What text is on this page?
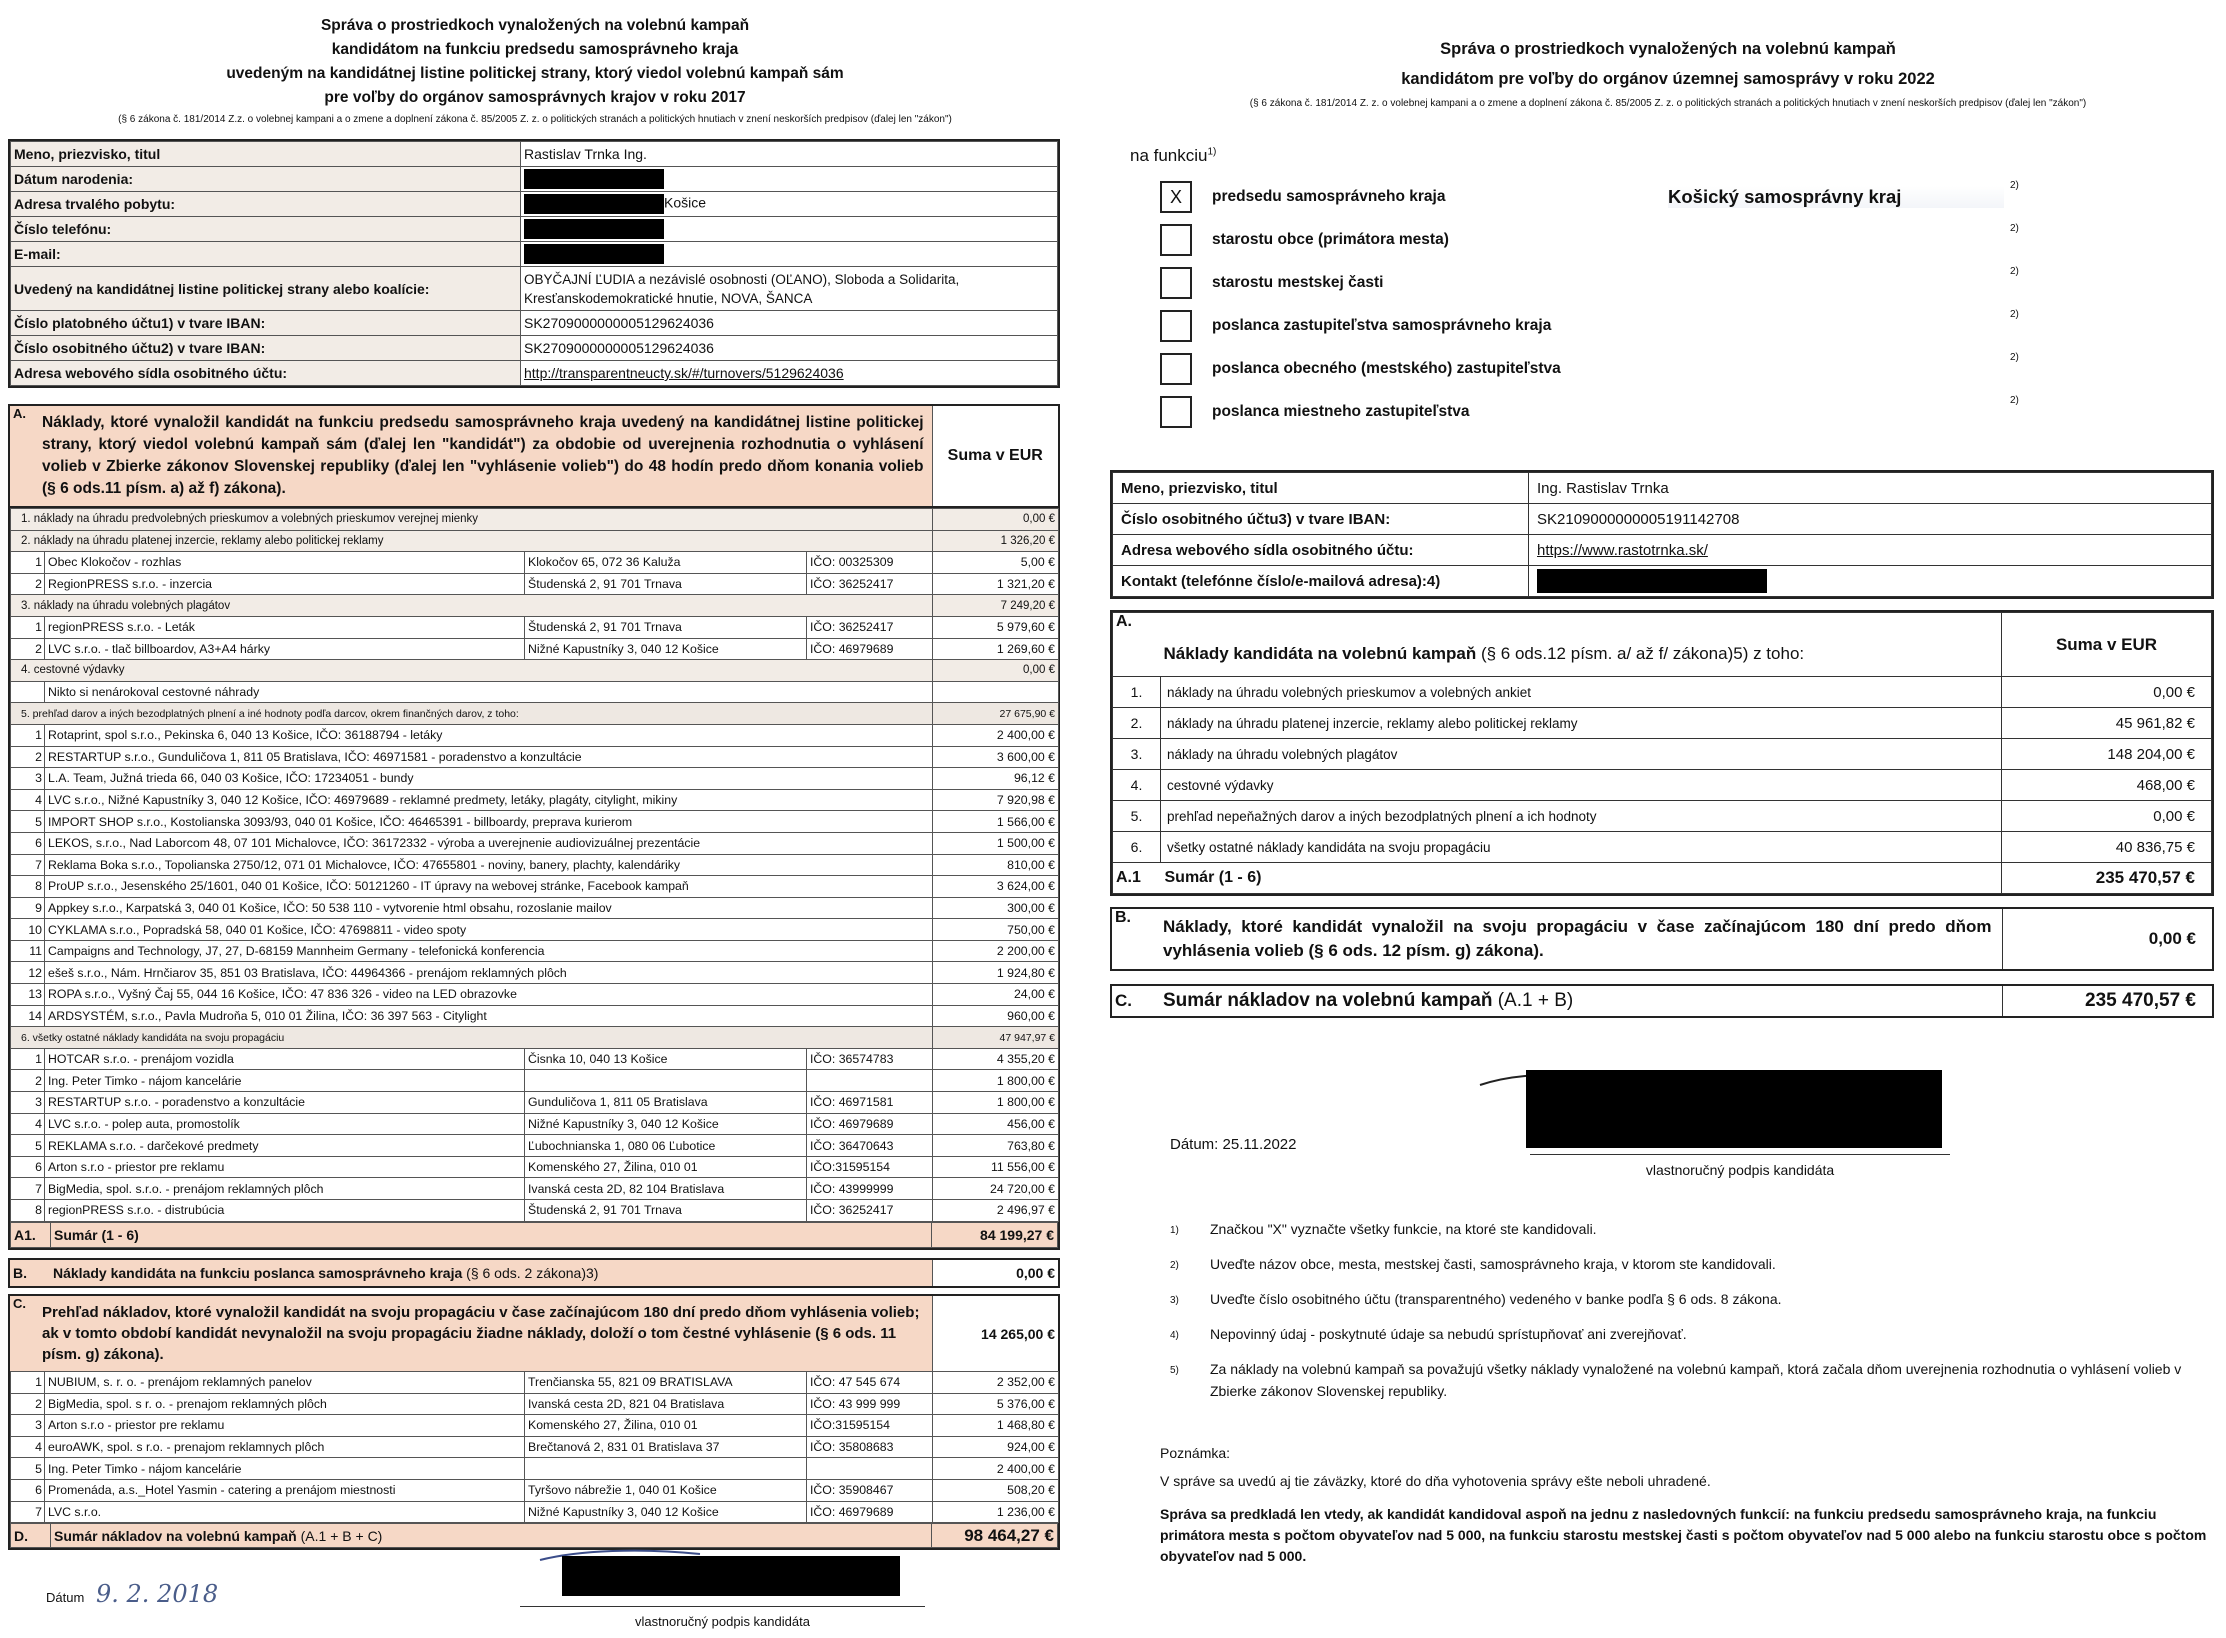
Správa o prostriedkoch vynaložených na volebnú kampaň
kandidátom na funkciu predsedu samosprávneho kraja
uvedeným na kandidátnej listine politickej strany, ktorý viedol volebnú kampaň sám
pre voľby do orgánov samosprávnych krajov v roku 2017
(§ 6 zákona č. 181/2014 Z.z. o volebnej kampani a o zmene a doplnení zákona č. 85/2005 Z. z. o politických stranách a politických hnutiach v znení neskorších predpisov (ďalej len "zákon")
Meno, priezvisko, titul	Rastislav Trnka Ing.
Dátum narodenia:	
Adresa trvalého pobytu:	Košice
Číslo telefónu:	
E-mail:	
Uvedený na kandidátnej listine politickej strany alebo koalície:	OBYČAJNÍ ĽUDIA a nezávislé osobnosti (OĽANO), Sloboda a Solidarita, Kresťanskodemokratické hnutie, NOVA, ŠANCA
Číslo platobného účtu1) v tvare IBAN:	SK2709000000005129624036
Číslo osobitného účtu2) v tvare IBAN:	SK2709000000005129624036
Adresa webového sídla osobitného účtu:	http://transparentneucty.sk/#/turnovers/5129624036
A.	Náklady, ktoré vynaložil kandidát na funkciu predsedu samosprávneho kraja uvedený na kandidátnej listine politickej strany, ktorý viedol volebnú kampaň sám (ďalej len "kandidát") za obdobie od uverejnenia rozhodnutia o vyhlásení volieb v Zbierke zákonov Slovenskej republiky (ďalej len "vyhlásenie volieb") do 48 hodín predo dňom konania volieb (§ 6 ods.11 písm. a) až f) zákona).	Suma v EUR
1. náklady na úhradu predvolebných prieskumov a volebných prieskumov verejnej mienky				0,00 €
2. náklady na úhradu platenej inzercie, reklamy alebo politickej reklamy				1 326,20 €
1	Obec Klokočov - rozhlas	Klokočov 65, 072 36 Kaluža	IČO: 00325309	5,00 €
2	RegionPRESS s.r.o. - inzercia	Študenská 2, 91 701 Trnava	IČO: 36252417	1 321,20 €
3. náklady na úhradu volebných plagátov				7 249,20 €
1	regionPRESS s.r.o. - Leták	Študenská 2, 91 701 Trnava	IČO: 36252417	5 979,60 €
2	LVC s.r.o. - tlač billboardov, A3+A4 hárky	Nižné Kapustníky 3, 040 12 Košice	IČO: 46979689	1 269,60 €
4. cestovné výdavky				0,00 €
	Nikto si nenárokoval cestovné náhrady			
5. prehľad darov a iných bezodplatných plnení a iné hodnoty podľa darcov, okrem finančných darov, z toho:				27 675,90 €
1	Rotaprint, spol s.r.o., Pekinska 6, 040 13 Košice, IČO: 36188794 - letáky			2 400,00 €
2	RESTARTUP s.r.o., Gunduličova 1, 811 05 Bratislava, IČO: 46971581 - poradenstvo a konzultácie			3 600,00 €
3	L.A. Team, Južná trieda 66, 040 03 Košice, IČO: 17234051 - bundy			96,12 €
4	LVC s.r.o., Nižné Kapustníky 3, 040 12 Košice, IČO: 46979689 - reklamné predmety, letáky, plagáty, citylight, mikiny			7 920,98 €
5	IMPORT SHOP s.r.o., Kostolianska 3093/93, 040 01 Košice, IČO: 46465391 - billboardy, preprava kurierom			1 566,00 €
6	LEKOS, s.r.o., Nad Laborcom 48, 07 101 Michalovce, IČO: 36172332 - výroba a uverejnenie audiovizuálnej prezentácie			1 500,00 €
7	Reklama Boka s.r.o., Topolianska 2750/12, 071 01 Michalovce, IČO: 47655801 - noviny, banery, plachty, kalendáriky			810,00 €
8	ProUP s.r.o., Jesenského 25/1601, 040 01 Košice, IČO: 50121260 - IT úpravy na webovej stránke, Facebook kampaň			3 624,00 €
9	Appkey s.r.o., Karpatská 3, 040 01 Košice, IČO: 50 538 110 - vytvorenie html obsahu, rozoslanie mailov			300,00 €
10	CYKLAMA s.r.o., Popradská 58, 040 01 Košice, IČO: 47698811 - video spoty			750,00 €
11	Campaigns and Technology, J7, 27, D-68159 Mannheim Germany - telefonická konferencia			2 200,00 €
12	ešeš s.r.o., Nám. Hrnčiarov 35, 851 03 Bratislava, IČO: 44964366 - prenájom reklamných plôch			1 924,80 €
13	ROPA s.r.o., Vyšný Čaj 55, 044 16 Košice, IČO: 47 836 326 - video na LED obrazovke			24,00 €
14	ARDSYSTÉM, s.r.o., Pavla Mudroňa 5, 010 01 Žilina, IČO: 36 397 563 - Citylight			960,00 €
6. všetky ostatné náklady kandidáta na svoju propagáciu				47 947,97 €
1	HOTCAR s.r.o. - prenájom vozidla	Čisnka 10, 040 13 Košice	IČO: 36574783	4 355,20 €
2	Ing. Peter Timko - nájom kancelárie			1 800,00 €
3	RESTARTUP s.r.o. - poradenstvo a konzultácie	Gunduličova 1, 811 05 Bratislava	IČO: 46971581	1 800,00 €
4	LVC s.r.o. - polep auta, promostolík	Nižné Kapustníky 3, 040 12 Košice	IČO: 46979689	456,00 €
5	REKLAMA s.r.o. - darčekové predmety	Ľubochnianska 1, 080 06 Ľubotice	IČO: 36470643	763,80 €
6	Arton s.r.o - priestor pre reklamu	Komenského 27, Žilina, 010 01	IČO:31595154	11 556,00 €
7	BigMedia, spol. s.r.o. - prenájom reklamných plôch	Ivanská cesta 2D, 82 104 Bratislava	IČO: 43999999	24 720,00 €
8	regionPRESS s.r.o. - distrubúcia	Študenská 2, 91 701 Trnava	IČO: 36252417	2 496,97 €
A1.	Sumár (1 - 6)	84 199,27 €
B.	Náklady kandidáta na funkciu poslanca samosprávneho kraja (§ 6 ods. 2 zákona)3)	0,00 €
C.	Prehľad nákladov, ktoré vynaložil kandidát na svoju propagáciu v čase začínajúcom 180 dní predo dňom vyhlásenia volieb; ak v tomto období kandidát nevynaložil na svoju propagáciu žiadne náklady, doloží o tom čestné vyhlásenie (§ 6 ods. 11 písm. g) zákona).	14 265,00 €
1	NUBIUM, s. r. o. - prenájom reklamných panelov	Trenčianska 55, 821 09 BRATISLAVA	IČO: 47 545 674	2 352,00 €
2	BigMedia, spol. s r. o. - prenajom reklamných plôch	Ivanská cesta 2D, 821 04 Bratislava	IČO: 43 999 999	5 376,00 €
3	Arton s.r.o - priestor pre reklamu	Komenského 27, Žilina, 010 01	IČO:31595154	1 468,80 €
4	euroAWK, spol. s r.o. - prenajom reklamnych plôch	Brečtanová 2, 831 01 Bratislava 37	IČO: 35808683	924,00 €
5	Ing. Peter Timko - nájom kancelárie			2 400,00 €
6	Promenáda, a.s._Hotel Yasmin - catering a prenájom miestnosti	Tyršovo nábrežie 1, 040 01 Košice	IČO: 35908467	508,20 €
7	LVC s.r.o.	Nižné Kapustníky 3, 040 12 Košice	IČO: 46979689	1 236,00 €
D.	Sumár nákladov na volebnú kampaň (A.1 + B + C)	98 464,27 €
Dátum 9. 2. 2018
vlastnoručný podpis kandidáta
Správa o prostriedkoch vynaložených na volebnú kampaň
kandidátom pre voľby do orgánov územnej samosprávy v roku 2022
(§ 6 zákona č. 181/2014 Z. z. o volebnej kampani a o zmene a doplnení zákona č. 85/2005 Z. z. o politických stranách a politických hnutiach v znení neskorších predpisov (ďalej len "zákon")
na funkciu$^{1)}$
X	predsedu samosprávneho kraja	Košický samosprávny kraj
2)
starostu obce (primátora mesta)
2)
starostu mestskej časti
2)
poslanca zastupiteľstva samosprávneho kraja
2)
poslanca obecného (mestského) zastupiteľstva
2)
poslanca miestneho zastupiteľstva
2)
Meno, priezvisko, titul	Ing. Rastislav Trnka
Číslo osobitného účtu3) v tvare IBAN:	SK2109000000005191142708
Adresa webového sídla osobitného účtu:	https://www.rastotrnka.sk/
Kontakt (telefónne číslo/e-mailová adresa):4)	
A.	Náklady kandidáta na volebnú kampaň (§ 6 ods.12 písm. a/ až f/ zákona)5) z toho:	Suma v EUR
1.	náklady na úhradu volebných prieskumov a volebných ankiet	0,00 €
2.	náklady na úhradu platenej inzercie, reklamy alebo politickej reklamy	45 961,82 €
3.	náklady na úhradu volebných plagátov	148 204,00 €
4.	cestovné výdavky	468,00 €
5.	prehľad nepeňažných darov a iných bezodplatných plnení a ich hodnoty	0,00 €
6.	všetky ostatné náklady kandidáta na svoju propagáciu	40 836,75 €
A.1	Sumár (1 - 6)	235 470,57 €
B.	Náklady, ktoré kandidát vynaložil na svoju propagáciu v čase začínajúcom 180 dní predo dňom vyhlásenia volieb (§ 6 ods. 12 písm. g) zákona).	0,00 €
C.	Sumár nákladov na volebnú kampaň (A.1 + B)	235 470,57 €
Dátum: 25.11.2022
vlastnoručný podpis kandidáta
1)	Značkou "X" vyznačte všetky funkcie, na ktoré ste kandidovali.
2)	Uveďte názov obce, mesta, mestskej časti, samosprávneho kraja, v ktorom ste kandidovali.
3)	Uveďte číslo osobitného účtu (transparentného) vedeného v banke podľa § 6 ods. 8 zákona.
4)	Nepovinný údaj - poskytnuté údaje sa nebudú sprístupňovať ani zverejňovať.
5)	Za náklady na volebnú kampaň sa považujú všetky náklady vynaložené na volebnú kampaň, ktorá začala dňom uverejnenia rozhodnutia o vyhlásení volieb v Zbierke zákonov Slovenskej republiky.
Poznámka:
V správe sa uvedú aj tie záväzky, ktoré do dňa vyhotovenia správy ešte neboli uhradené.
Správa sa predkladá len vtedy, ak kandidát kandidoval aspoň na jednu z nasledovných funkcií: na funkciu predsedu samosprávneho kraja, na funkciu primátora mesta s počtom obyvateľov nad 5 000, na funkciu starostu mestskej časti s počtom obyvateľov nad 5 000 alebo na funkciu starostu obce s počtom obyvateľov nad 5 000.
